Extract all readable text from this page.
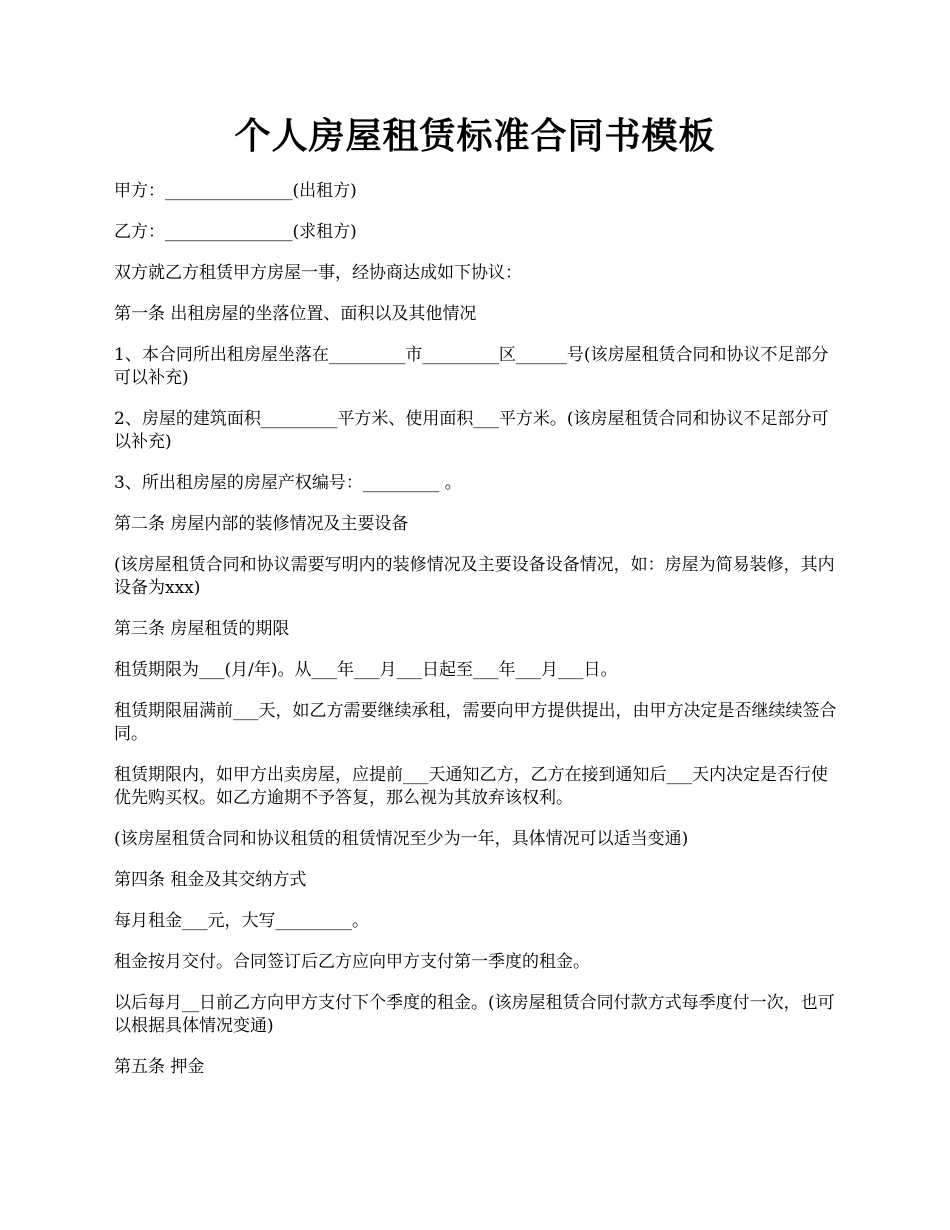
个人房屋租赁标准合同书模板

甲方：_______________(出租方)

乙方：_______________(求租方)

双方就乙方租赁甲方房屋一事，经协商达成如下协议：

第一条 出租房屋的坐落位置、面积以及其他情况

1、本合同所出租房屋坐落在_________市_________区______号(该房屋租赁合同和协议不足部分可以补充)

2、房屋的建筑面积_________平方米、使用面积___平方米。(该房屋租赁合同和协议不足部分可以补充)

3、所出租房屋的房屋产权编号：_________ 。

第二条 房屋内部的装修情况及主要设备

(该房屋租赁合同和协议需要写明内的装修情况及主要设备设备情况，如：房屋为简易装修，其内设备为xxx)

第三条 房屋租赁的期限

租赁期限为___(月/年)。从___年___月___日起至___年___月___日。

租赁期限届满前___天，如乙方需要继续承租，需要向甲方提供提出，由甲方决定是否继续续签合同。

租赁期限内，如甲方出卖房屋，应提前___天通知乙方，乙方在接到通知后___天内决定是否行使优先购买权。如乙方逾期不予答复，那么视为其放弃该权利。

(该房屋租赁合同和协议租赁的租赁情况至少为一年，具体情况可以适当变通)

第四条 租金及其交纳方式

每月租金___元，大写_________。

租金按月交付。合同签订后乙方应向甲方支付第一季度的租金。

以后每月__日前乙方向甲方支付下个季度的租金。(该房屋租赁合同付款方式每季度付一次，也可以根据具体情况变通)

第五条 押金
